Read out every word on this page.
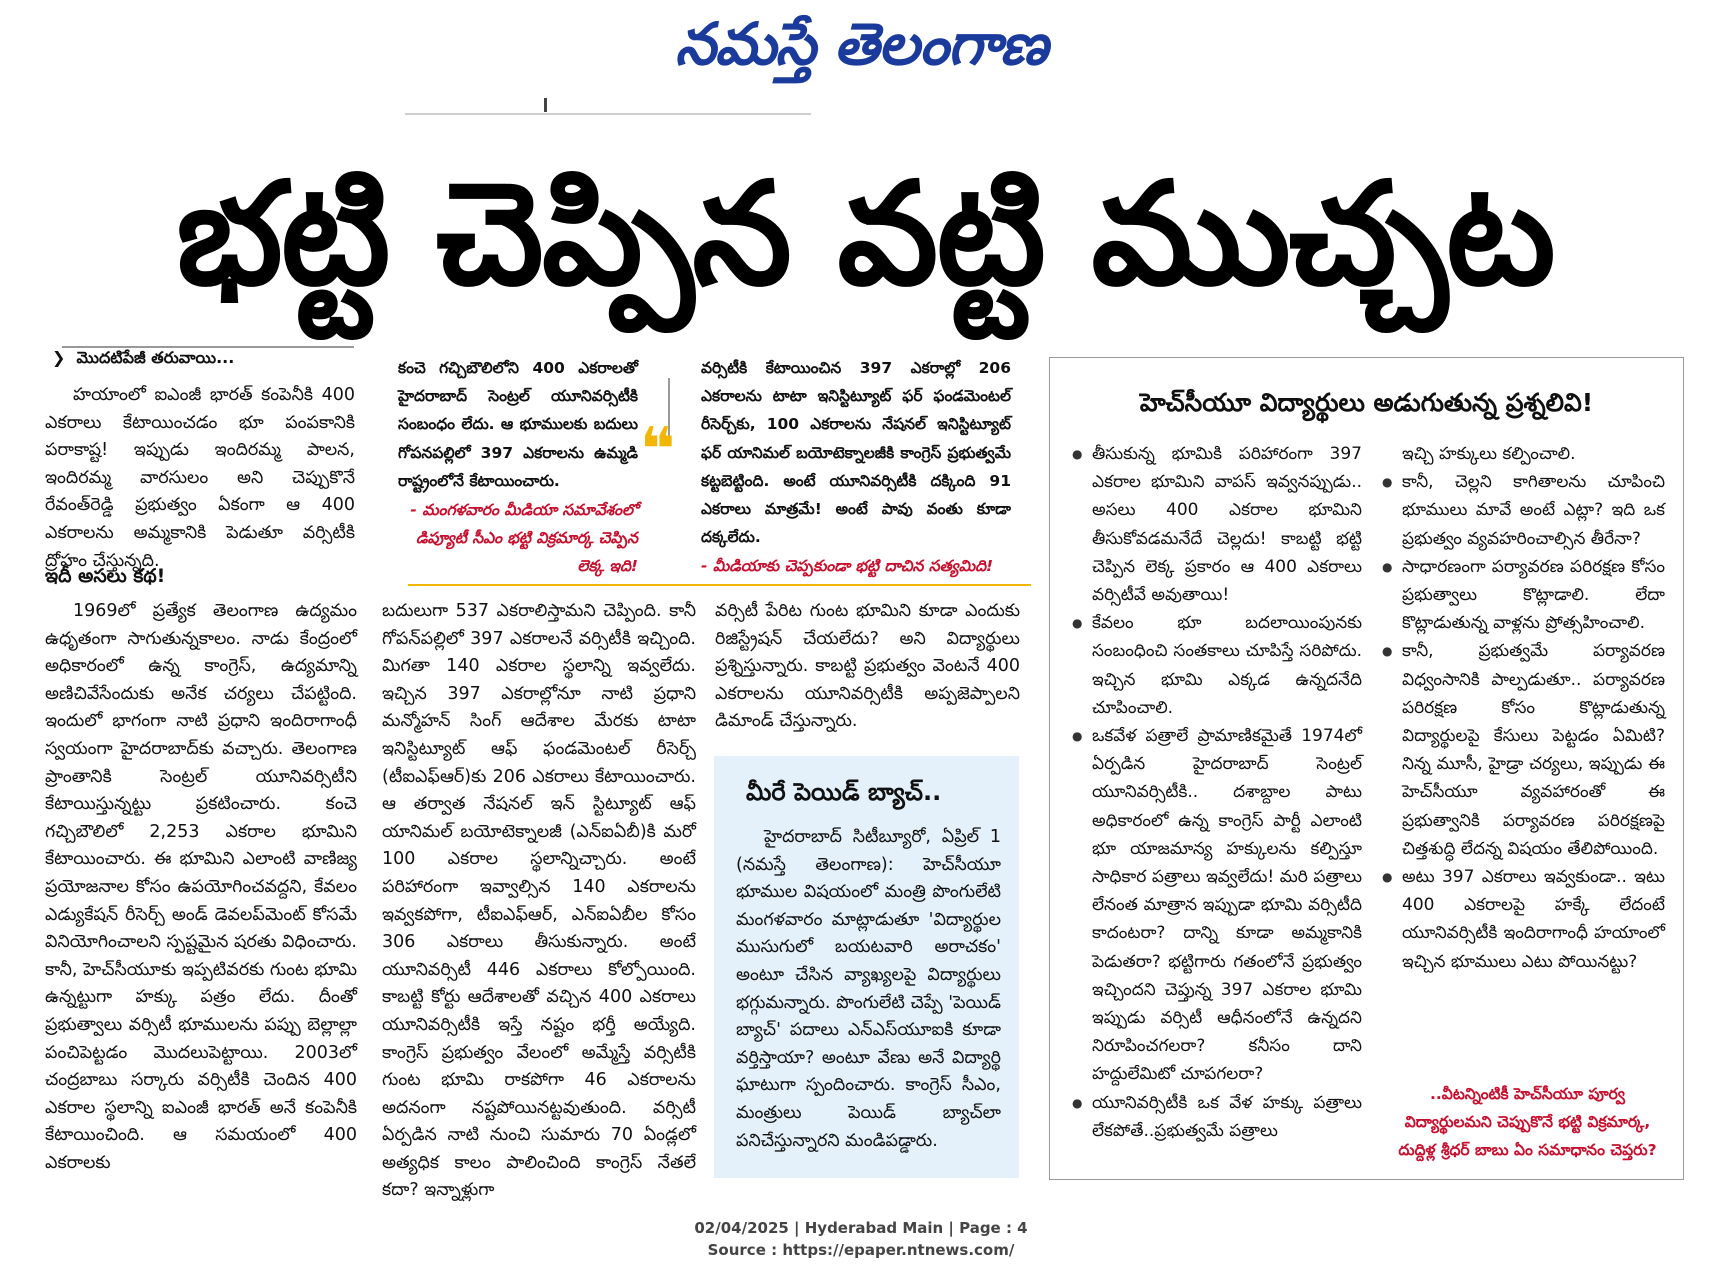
నమస్తే తెలంగాణ
భట్టి చెప్పిన వట్టి ముచ్చట
❯ మొదటిపేజీ తరువాయి...

హయాంలో ఐఎంజీ భారత్ కంపెనీకి 400 ఎకరాలు కేటాయించడం భూ పంపకానికి పరాకాష్ట! ఇప్పుడు ఇందిరమ్మ పాలన, ఇందిరమ్మ వారసులం అని చెప్పుకొనే రేవంత్‌రెడ్డి ప్రభుత్వం ఏకంగా ఆ 400 ఎకరాలను అమ్మకానికి పెడుతూ వర్సిటీకి ద్రోహం చేస్తున్నది.

ఇదీ అసలు కథ!

కంచె గచ్చిబౌలిలోని 400 ఎకరాలతో హైదరాబాద్ సెంట్రల్ యూనివర్సిటీకి సంబంధం లేదు. ఆ భూములకు బదులు గోపనపల్లిలో 397 ఎకరాలను ఉమ్మడి రాష్ట్రంలోనే కేటాయించారు.

- మంగళవారం మీడియా సమావేశంలో డిప్యూటీ సీఎం భట్టి విక్రమార్క చెప్పిన లెక్క ఇది!

❝

వర్సిటీకి కేటాయించిన 397 ఎకరాల్లో 206 ఎకరాలను టాటా ఇనిస్టిట్యూట్ ఫర్ ఫండమెంటల్ రీసెర్చ్‌కు, 100 ఎకరాలను నేషనల్ ఇనిస్టిట్యూట్ ఫర్ యానిమల్ బయోటెక్నాలజీకి కాంగ్రెస్ ప్రభుత్వమే కట్టబెట్టింది. అంటే యూనివర్సిటీకి దక్కింది 91 ఎకరాలు మాత్రమే! అంటే పావు వంతు కూడా దక్కలేదు.

- మీడియాకు చెప్పకుండా భట్టి దాచిన సత్యమిది!

1969లో ప్రత్యేక తెలంగాణ ఉద్యమం ఉధృతంగా సాగుతున్నకాలం. నాడు కేంద్రంలో అధికారంలో ఉన్న కాంగ్రెస్, ఉద్యమాన్ని అణిచివేసేందుకు అనేక చర్యలు చేపట్టింది. ఇందులో భాగంగా నాటి ప్రధాని ఇందిరాగాంధీ స్వయంగా హైదరాబాద్‌కు వచ్చారు. తెలంగాణ ప్రాంతానికి సెంట్రల్ యూనివర్సిటీని కేటాయిస్తున్నట్టు ప్రకటించారు. కంచె గచ్చిబౌలిలో 2,253 ఎకరాల భూమిని కేటాయించారు. ఈ భూమిని ఎలాంటి వాణిజ్య ప్రయోజనాల కోసం ఉపయోగించవద్దని, కేవలం ఎడ్యుకేషన్ రీసెర్చ్ అండ్ డెవలప్‌మెంట్ కోసమే వినియోగించాలని స్పష్టమైన షరతు విధించారు. కానీ, హెచ్‌సీయూకు ఇప్పటివరకు గుంట భూమి ఉన్నట్టుగా హక్కు పత్రం లేదు. దీంతో ప్రభుత్వాలు వర్సిటీ భూములను పప్పు బెల్లాల్లా పంచిపెట్టడం మొదలుపెట్టాయి. 2003లో చంద్రబాబు సర్కారు వర్సిటీకి చెందిన 400 ఎకరాల స్థలాన్ని ఐఎంజీ భారత్ అనే కంపెనీకి కేటాయించింది. ఆ సమయంలో 400 ఎకరాలకు

బదులుగా 537 ఎకరాలిస్తామని చెప్పింది. కానీ గోపన్‌పల్లిలో 397 ఎకరాలనే వర్సిటీకి ఇచ్చింది. మిగతా 140 ఎకరాల స్థలాన్ని ఇవ్వలేదు. ఇచ్చిన 397 ఎకరాల్లోనూ నాటి ప్రధాని మన్మోహన్ సింగ్ ఆదేశాల మేరకు టాటా ఇనిస్టిట్యూట్ ఆఫ్ ఫండమెంటల్ రీసెర్చ్ (టీఐఎఫ్‌ఆర్)కు 206 ఎకరాలు కేటాయించారు. ఆ తర్వాత నేషనల్ ఇన్ స్టిట్యూట్ ఆఫ్ యానిమల్ బయోటెక్నాలజీ (ఎన్‌ఐఏబీ)కి మరో 100 ఎకరాల స్థలాన్నిచ్చారు. అంటే పరిహారంగా ఇవ్వాల్సిన 140 ఎకరాలను ఇవ్వకపోగా, టీఐఎఫ్‌ఆర్, ఎన్‌ఐఏబీల కోసం 306 ఎకరాలు తీసుకున్నారు. అంటే యూనివర్సిటీ 446 ఎకరాలు కోల్పోయింది. కాబట్టి కోర్టు ఆదేశాలతో వచ్చిన 400 ఎకరాలు యూనివర్సిటీకి ఇస్తే నష్టం భర్తీ అయ్యేది. కాంగ్రెస్ ప్రభుత్వం వేలంలో అమ్మేస్తే వర్సిటీకి గుంట భూమి రాకపోగా 46 ఎకరాలను అదనంగా నష్టపోయినట్టవుతుంది. వర్సిటీ ఏర్పడిన నాటి నుంచి సుమారు 70 ఏండ్లలో అత్యధిక కాలం పాలించింది కాంగ్రెస్ నేతలే కదా? ఇన్నాళ్లుగా

వర్సిటీ పేరిట గుంట భూమిని కూడా ఎందుకు రిజిస్ట్రేషన్ చేయలేదు? అని విద్యార్థులు ప్రశ్నిస్తున్నారు. కాబట్టి ప్రభుత్వం వెంటనే 400 ఎకరాలను యూనివర్సిటీకి అప్పజెప్పాలని డిమాండ్ చేస్తున్నారు.

మీరే పెయిడ్ బ్యాచ్..

హైదరాబాద్ సిటీబ్యూరో, ఏప్రిల్ 1 (నమస్తే తెలంగాణ): హెచ్‌సీయూ భూముల విషయంలో మంత్రి పొంగులేటి మంగళవారం మాట్లాడుతూ 'విద్యార్థుల ముసుగులో బయటవారి అరాచకం' అంటూ చేసిన వ్యాఖ్యలపై విద్యార్థులు భగ్గుమన్నారు. పొంగులేటి చెప్పే 'పెయిడ్ బ్యాచ్' పదాలు ఎన్‌ఎస్‌యూఐకి కూడా వర్తిస్తాయా? అంటూ వేణు అనే విద్యార్థి ఘాటుగా స్పందించారు. కాంగ్రెస్ సీఎం, మంత్రులు పెయిడ్ బ్యాచ్‌లా పనిచేస్తున్నారని మండిపడ్డారు.

హెచ్‌సీయూ విద్యార్థులు అడుగుతున్న ప్రశ్నలివి!
● తీసుకున్న భూమికి పరిహారంగా 397 ఎకరాల భూమిని వాపస్ ఇవ్వనప్పుడు.. అసలు 400 ఎకరాల భూమిని తీసుకోవడమనేదే చెల్లదు! కాబట్టి భట్టి చెప్పిన లెక్క ప్రకారం ఆ 400 ఎకరాలు వర్సిటీవే అవుతాయి!
● కేవలం భూ బదలాయింపునకు సంబంధించి సంతకాలు చూపిస్తే సరిపోదు. ఇచ్చిన భూమి ఎక్కడ ఉన్నదనేది చూపించాలి.
● ఒకవేళ పత్రాలే ప్రామాణికమైతే 1974లో ఏర్పడిన హైదరాబాద్ సెంట్రల్ యూనివర్సిటీకి.. దశాబ్దాల పాటు అధికారంలో ఉన్న కాంగ్రెస్ పార్టీ ఎలాంటి భూ యాజమాన్య హక్కులను కల్పిస్తూ సాధికార పత్రాలు ఇవ్వలేదు! మరి పత్రాలు లేనంత మాత్రాన ఇప్పుడా భూమి వర్సిటీది కాదంటరా? దాన్ని కూడా అమ్మకానికి పెడుతరా? భట్టిగారు గతంలోనే ప్రభుత్వం ఇచ్చిందని చెప్తున్న 397 ఎకరాల భూమి ఇప్పుడు వర్సిటీ ఆధీనంలోనే ఉన్నదని నిరూపించగలరా? కనీసం దాని హద్దులేమిటో చూపగలరా?
● యూనివర్సిటీకి ఒక వేళ హక్కు పత్రాలు లేకపోతే..ప్రభుత్వమే పత్రాలు
ఇచ్చి హక్కులు కల్పించాలి.
● కానీ, చెల్లని కాగితాలను చూపించి భూములు మావే అంటే ఎట్లా? ఇది ఒక ప్రభుత్వం వ్యవహరించాల్సిన తీరేనా?
● సాధారణంగా పర్యావరణ పరిరక్షణ కోసం ప్రభుత్వాలు కొట్లాడాలి. లేదా కొట్లాడుతున్న వాళ్లను ప్రోత్సహించాలి.
● కానీ, ప్రభుత్వమే పర్యావరణ విధ్వంసానికి పాల్పడుతూ.. పర్యావరణ పరిరక్షణ కోసం కొట్లాడుతున్న విద్యార్థులపై కేసులు పెట్టడం ఏమిటి? నిన్న మూసీ, హైడ్రా చర్యలు, ఇప్పుడు ఈ హెచ్‌సీయూ వ్యవహారంతో ఈ ప్రభుత్వానికి పర్యావరణ పరిరక్షణపై చిత్తశుద్ధి లేదన్న విషయం తేలిపోయింది.
● అటు 397 ఎకరాలు ఇవ్వకుండా.. ఇటు 400 ఎకరాలపై హక్కే లేదంటే యూనివర్సిటీకి ఇందిరాగాంధీ హయాంలో ఇచ్చిన భూములు ఎటు పోయినట్టు?
..వీటన్నింటికీ హెచ్‌సీయూ పూర్వ విద్యార్థులమని చెప్పుకొనే భట్టి విక్రమార్క, దుద్దిళ్ల శ్రీధర్ బాబు ఏం సమాధానం చెప్తరు?
02/04/2025 | Hyderabad Main | Page : 4
Source : https://epaper.ntnews.com/
